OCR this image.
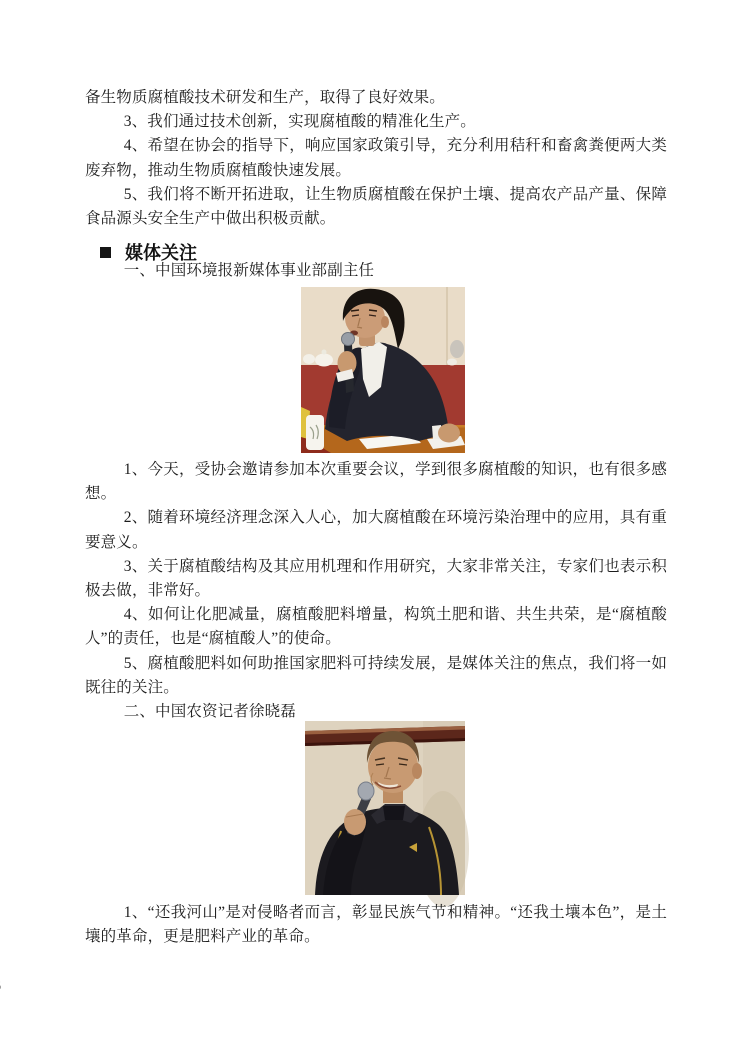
备生物质腐植酸技术研发和生产，取得了良好效果。

3、我们通过技术创新，实现腐植酸的精准化生产。

4、希望在协会的指导下，响应国家政策引导，充分利用秸秆和畜禽粪便两大类废弃物，推动生物质腐植酸快速发展。

5、我们将不断开拓进取，让生物质腐植酸在保护土壤、提高农产品产量、保障食品源头安全生产中做出积极贡献。

媒体关注
一、中国环境报新媒体事业部副主任

1、今天，受协会邀请参加本次重要会议，学到很多腐植酸的知识，也有很多感想。

2、随着环境经济理念深入人心，加大腐植酸在环境污染治理中的应用，具有重要意义。

3、关于腐植酸结构及其应用机理和作用研究，大家非常关注，专家们也表示积极去做，非常好。

4、如何让化肥减量，腐植酸肥料增量，构筑土肥和谐、共生共荣，是“腐植酸人”的责任，也是“腐植酸人”的使命。

5、腐植酸肥料如何助推国家肥料可持续发展，是媒体关注的焦点，我们将一如既往的关注。

二、中国农资记者徐晓磊

1、“还我河山”是对侵略者而言，彰显民族气节和精神。“还我土壤本色”，是土壤的革命，更是肥料产业的革命。
